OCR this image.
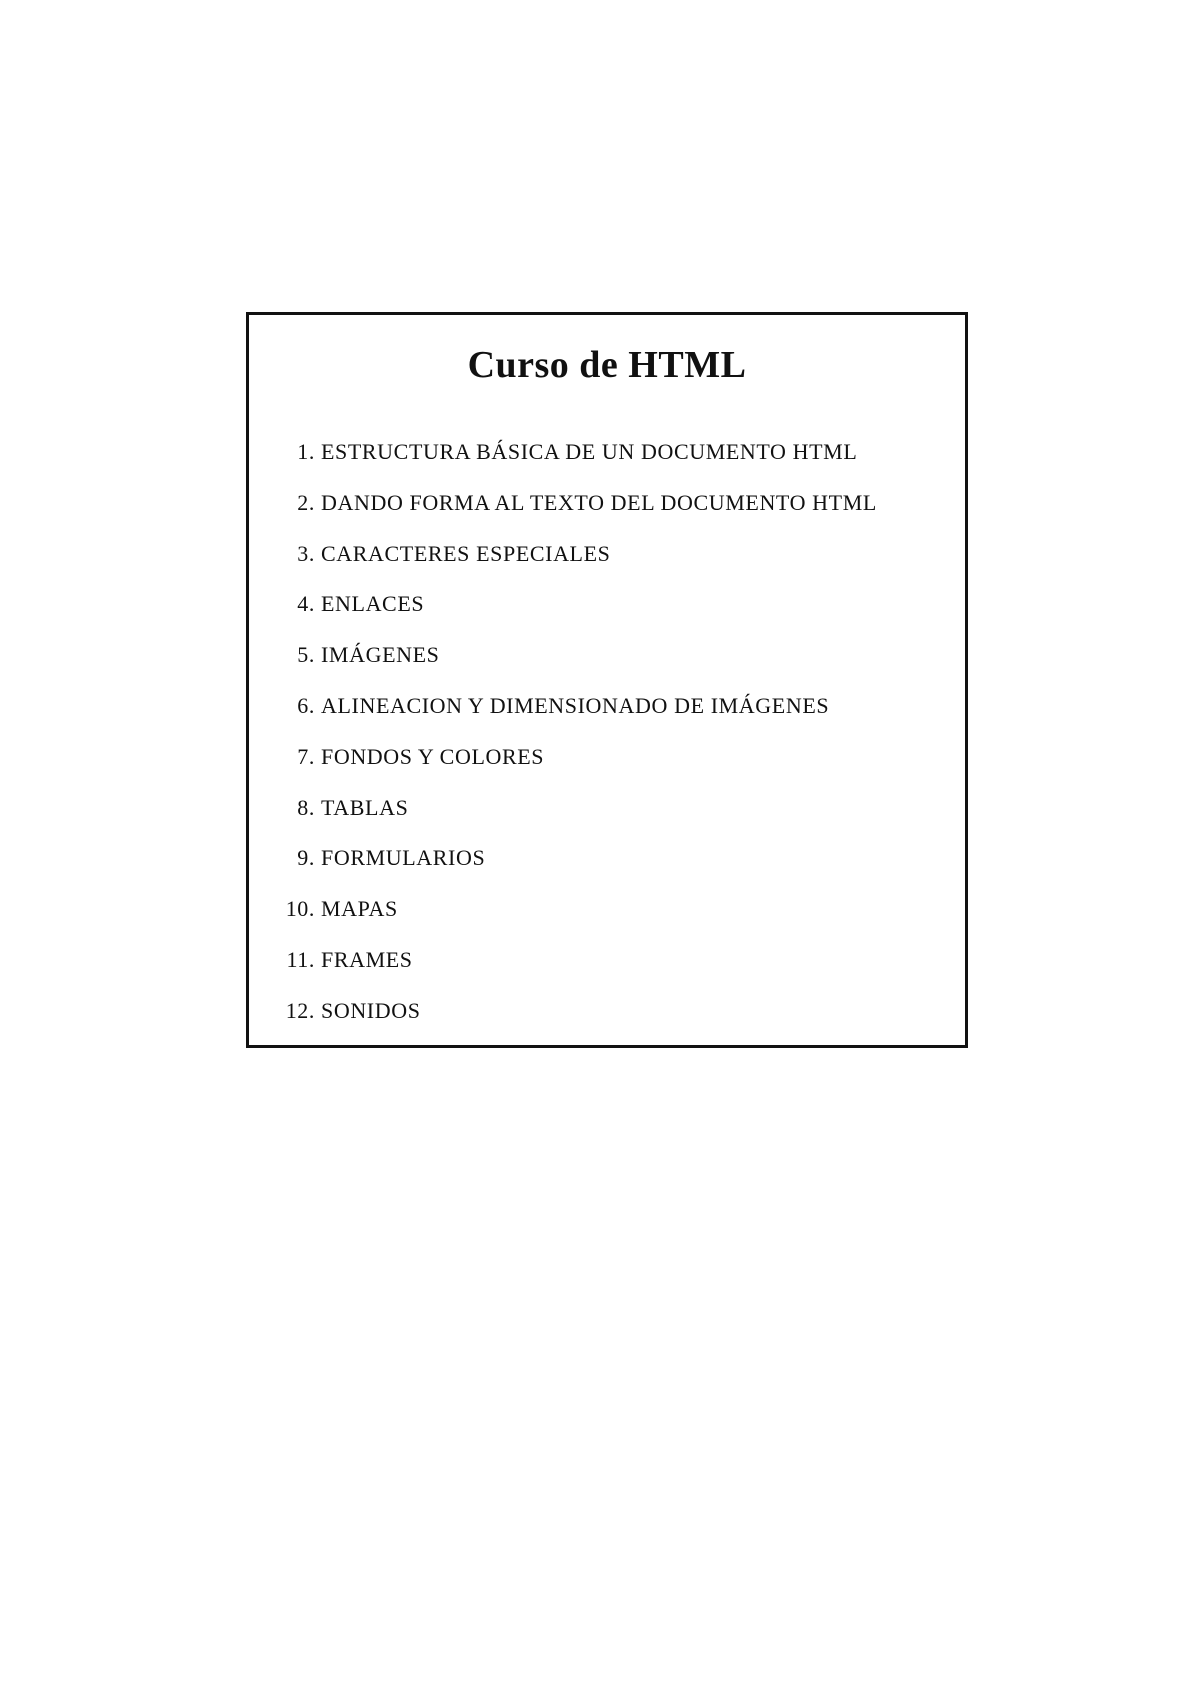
Curso de HTML
1. ESTRUCTURA BÁSICA DE UN DOCUMENTO HTML
2. DANDO FORMA AL TEXTO DEL DOCUMENTO HTML
3. CARACTERES ESPECIALES
4. ENLACES
5. IMÁGENES
6. ALINEACION Y DIMENSIONADO DE IMÁGENES
7. FONDOS Y COLORES
8. TABLAS
9. FORMULARIOS
10. MAPAS
11. FRAMES
12. SONIDOS
